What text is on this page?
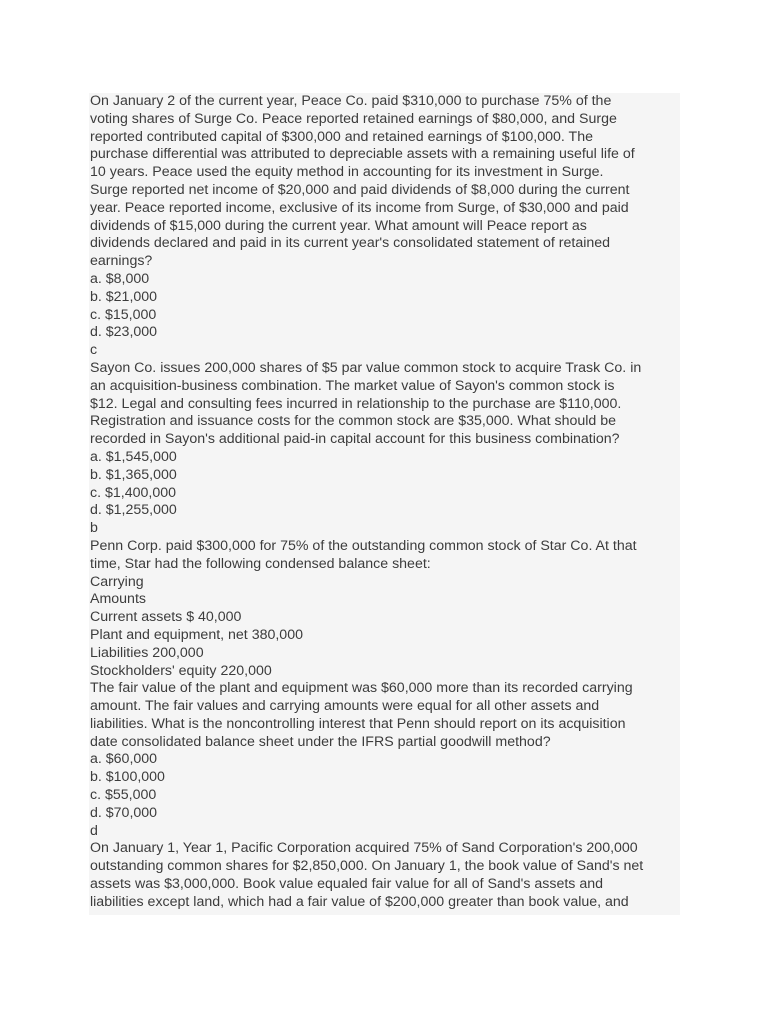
On January 2 of the current year, Peace Co. paid $310,000 to purchase 75% of the
voting shares of Surge Co. Peace reported retained earnings of $80,000, and Surge
reported contributed capital of $300,000 and retained earnings of $100,000. The
purchase differential was attributed to depreciable assets with a remaining useful life of
10 years. Peace used the equity method in accounting for its investment in Surge.
Surge reported net income of $20,000 and paid dividends of $8,000 during the current
year. Peace reported income, exclusive of its income from Surge, of $30,000 and paid
dividends of $15,000 during the current year. What amount will Peace report as
dividends declared and paid in its current year's consolidated statement of retained
earnings?
a. $8,000
b. $21,000
c. $15,000
d. $23,000
c
Sayon Co. issues 200,000 shares of $5 par value common stock to acquire Trask Co. in
an acquisition-business combination. The market value of Sayon's common stock is
$12. Legal and consulting fees incurred in relationship to the purchase are $110,000.
Registration and issuance costs for the common stock are $35,000. What should be
recorded in Sayon's additional paid-in capital account for this business combination?
a. $1,545,000
b. $1,365,000
c. $1,400,000
d. $1,255,000
b
Penn Corp. paid $300,000 for 75% of the outstanding common stock of Star Co. At that
time, Star had the following condensed balance sheet:
Carrying
Amounts
Current assets $ 40,000
Plant and equipment, net 380,000
Liabilities 200,000
Stockholders' equity 220,000
The fair value of the plant and equipment was $60,000 more than its recorded carrying
amount. The fair values and carrying amounts were equal for all other assets and
liabilities. What is the noncontrolling interest that Penn should report on its acquisition
date consolidated balance sheet under the IFRS partial goodwill method?
a. $60,000
b. $100,000
c. $55,000
d. $70,000
d
On January 1, Year 1, Pacific Corporation acquired 75% of Sand Corporation's 200,000
outstanding common shares for $2,850,000. On January 1, the book value of Sand's net
assets was $3,000,000. Book value equaled fair value for all of Sand's assets and
liabilities except land, which had a fair value of $200,000 greater than book value, and
